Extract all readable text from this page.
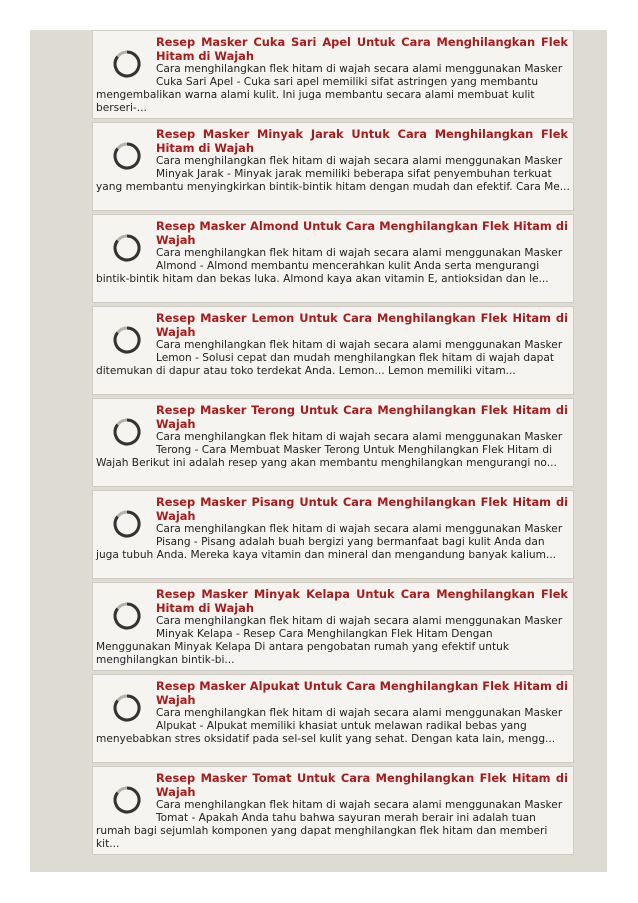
Resep Masker Cuka Sari Apel Untuk Cara Menghilangkan Flek Hitam di Wajah
Cara menghilangkan flek hitam di wajah secara alami menggunakan Masker Cuka Sari Apel - Cuka sari apel memiliki sifat astringen yang membantu mengembalikan warna alami kulit. Ini juga membantu secara alami membuat kulit berseri-...
Resep Masker Minyak Jarak Untuk Cara Menghilangkan Flek Hitam di Wajah
Cara menghilangkan flek hitam di wajah secara alami menggunakan Masker Minyak Jarak - Minyak jarak memiliki beberapa sifat penyembuhan terkuat yang membantu menyingkirkan bintik-bintik hitam dengan mudah dan efektif. Cara Me...
Resep Masker Almond Untuk Cara Menghilangkan Flek Hitam di Wajah
Cara menghilangkan flek hitam di wajah secara alami menggunakan Masker Almond - Almond membantu mencerahkan kulit Anda serta mengurangi bintik-bintik hitam dan bekas luka. Almond kaya akan vitamin E, antioksidan dan le...
Resep Masker Lemon Untuk Cara Menghilangkan Flek Hitam di Wajah
Cara menghilangkan flek hitam di wajah secara alami menggunakan Masker Lemon - Solusi cepat dan mudah menghilangkan flek hitam di wajah dapat ditemukan di dapur atau toko terdekat Anda. Lemon... Lemon memiliki vitam...
Resep Masker Terong Untuk Cara Menghilangkan Flek Hitam di Wajah
Cara menghilangkan flek hitam di wajah secara alami menggunakan Masker Terong - Cara Membuat Masker Terong Untuk Menghilangkan Flek Hitam di Wajah Berikut ini adalah resep yang akan membantu menghilangkan mengurangi no...
Resep Masker Pisang Untuk Cara Menghilangkan Flek Hitam di Wajah
Cara menghilangkan flek hitam di wajah secara alami menggunakan Masker Pisang - Pisang adalah buah bergizi yang bermanfaat bagi kulit Anda dan juga tubuh Anda. Mereka kaya vitamin dan mineral dan mengandung banyak kalium...
Resep Masker Minyak Kelapa Untuk Cara Menghilangkan Flek Hitam di Wajah
Cara menghilangkan flek hitam di wajah secara alami menggunakan Masker Minyak Kelapa - Resep Cara Menghilangkan Flek Hitam Dengan Menggunakan Minyak Kelapa Di antara pengobatan rumah yang efektif untuk menghilangkan bintik-bi...
Resep Masker Alpukat Untuk Cara Menghilangkan Flek Hitam di Wajah
Cara menghilangkan flek hitam di wajah secara alami menggunakan Masker Alpukat - Alpukat memiliki khasiat untuk melawan radikal bebas yang menyebabkan stres oksidatif pada sel-sel kulit yang sehat. Dengan kata lain, mengg...
Resep Masker Tomat Untuk Cara Menghilangkan Flek Hitam di Wajah
Cara menghilangkan flek hitam di wajah secara alami menggunakan Masker Tomat - Apakah Anda tahu bahwa sayuran merah berair ini adalah tuan rumah bagi sejumlah komponen yang dapat menghilangkan flek hitam dan memberi kit...
